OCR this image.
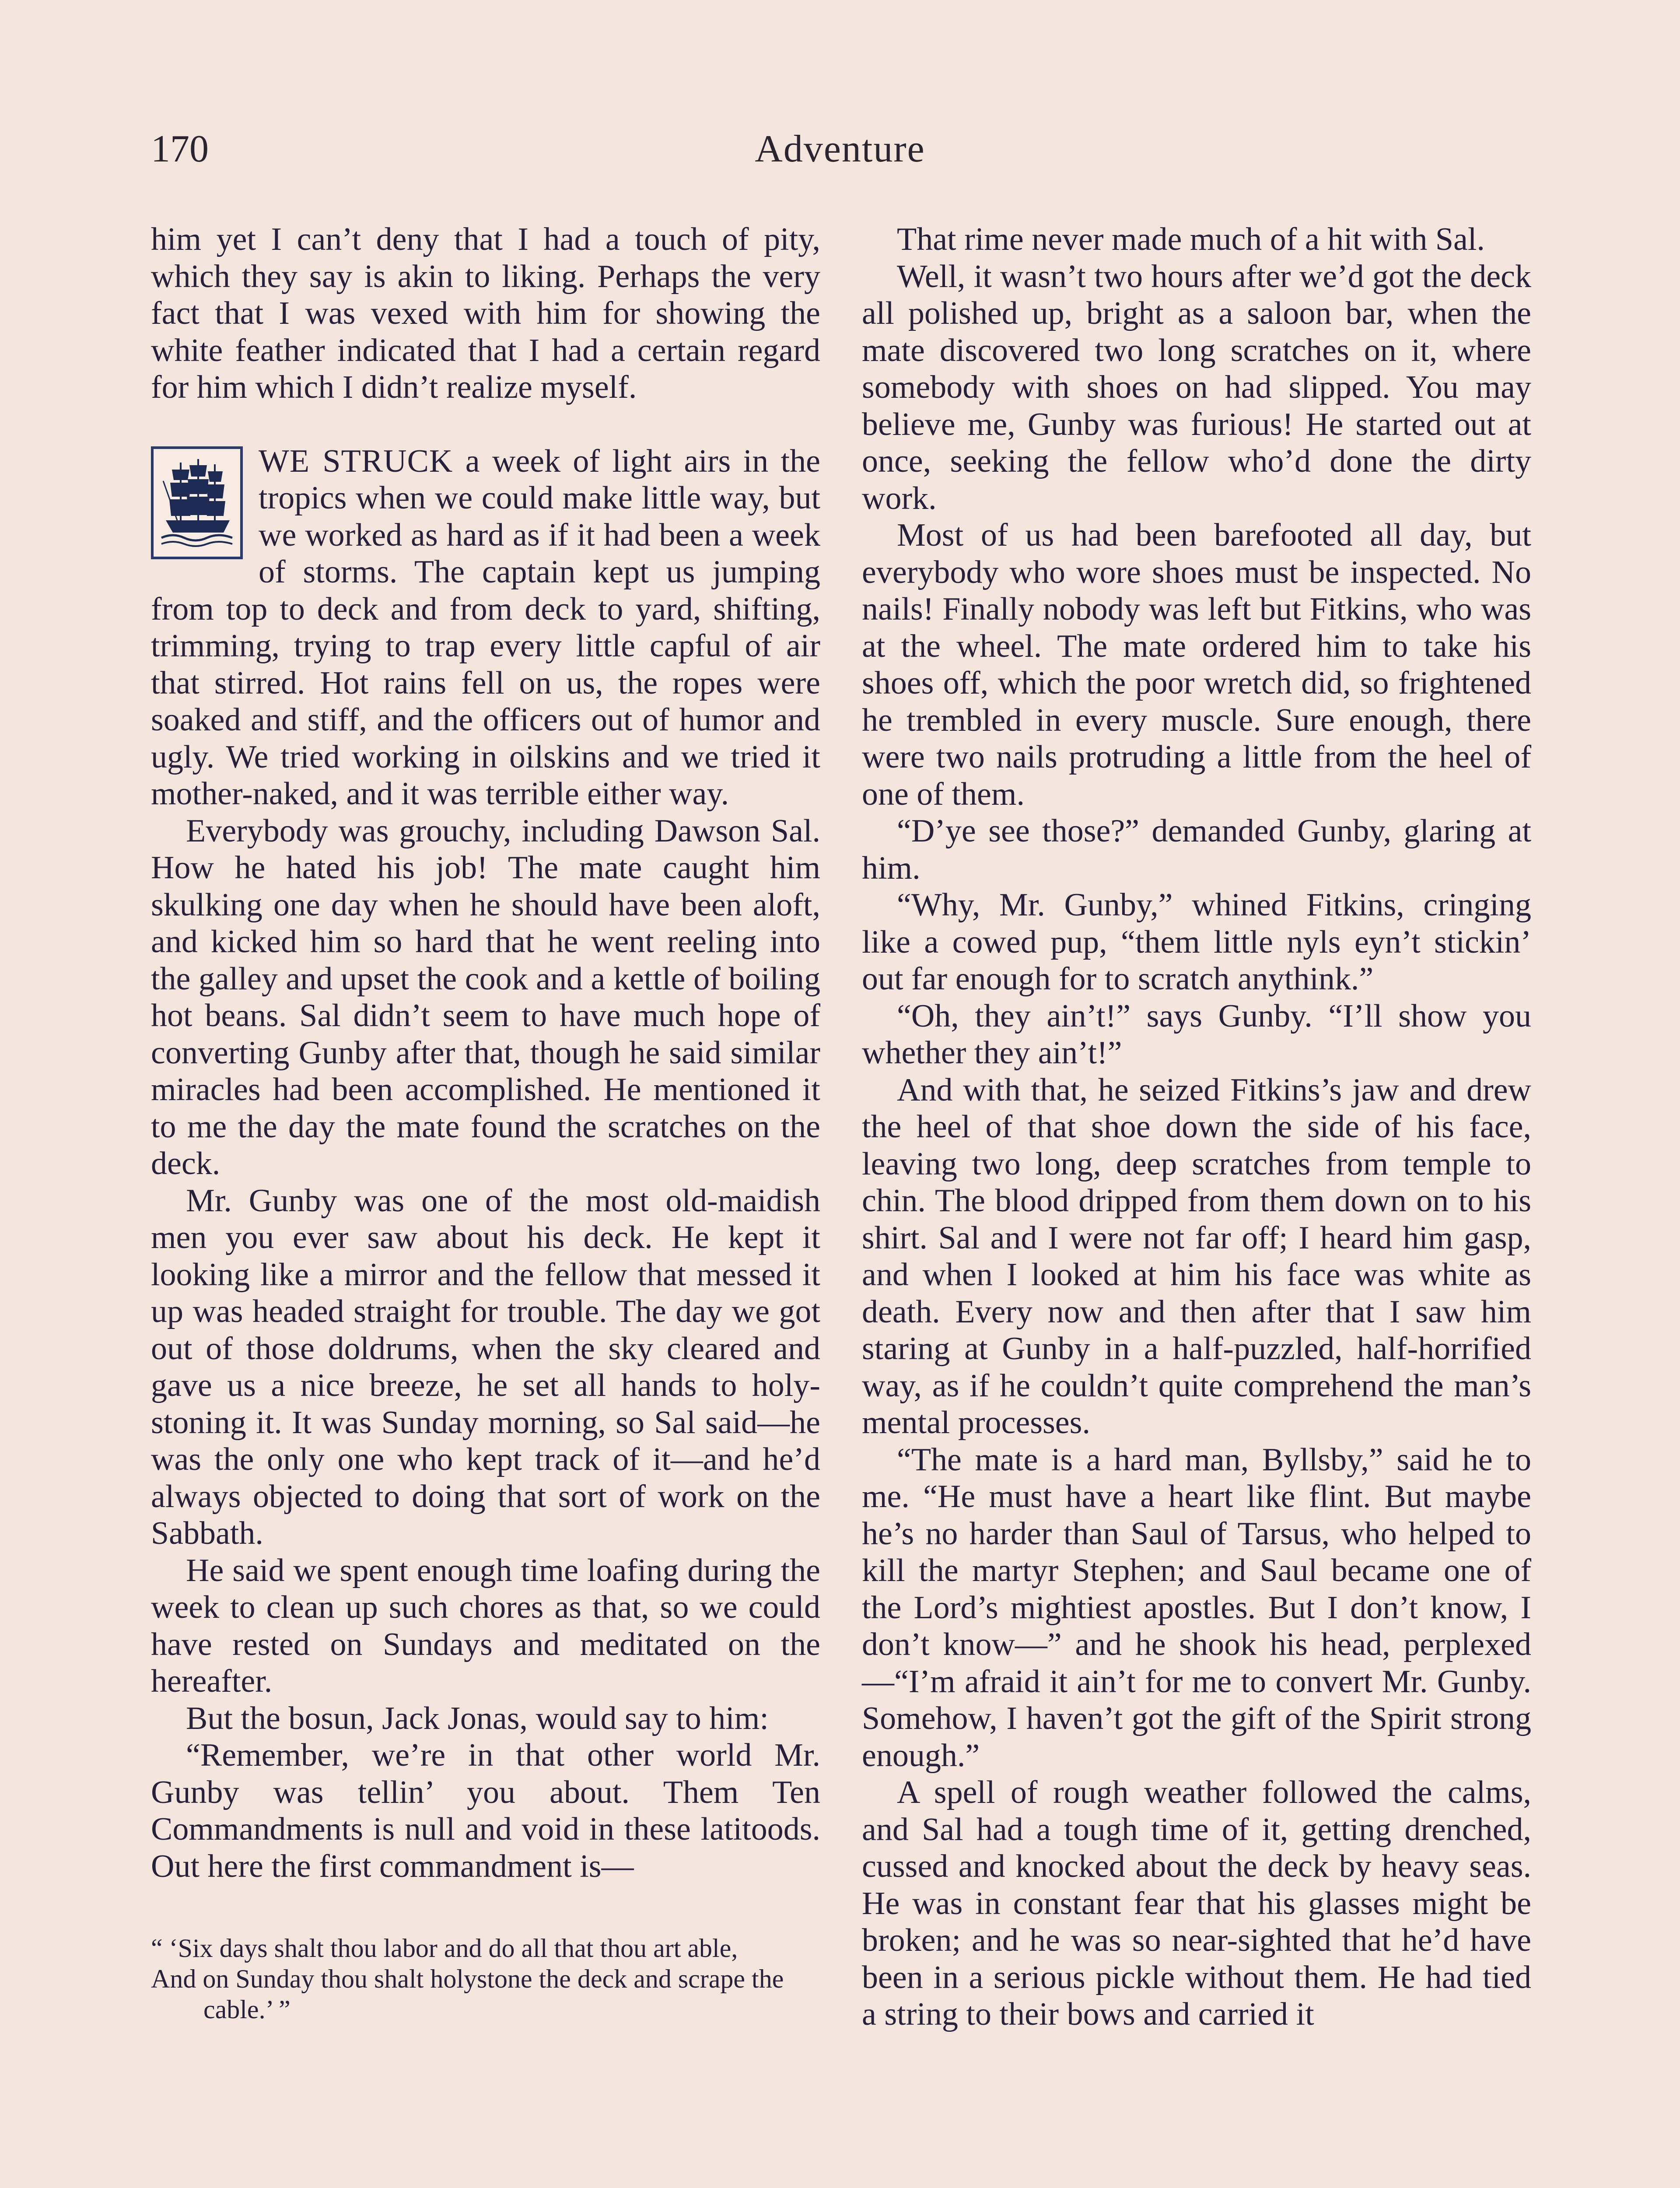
170	Adventure

him yet I can’t deny that I had a touch of pity, which they say is akin to liking. Perhaps the very fact that I was vexed with him for showing the white feather indicated that I had a certain regard for him which I didn’t realize myself.

WE STRUCK a week of light airs in the tropics when we could make little way, but we worked as hard as if it had been a week of storms. The captain kept us jumping from top to deck and from deck to yard, shifting, trimming, trying to trap every little capful of air that stirred. Hot rains fell on us, the ropes were soaked and stiff, and the officers out of humor and ugly. We tried working in oilskins and we tried it mother-naked, and it was terrible either way.

Everybody was grouchy, including Dawson Sal. How he hated his job! The mate caught him skulking one day when he should have been aloft, and kicked him so hard that he went reeling into the galley and upset the cook and a kettle of boiling hot beans. Sal didn’t seem to have much hope of converting Gunby after that, though he said similar miracles had been accomplished. He mentioned it to me the day the mate found the scratches on the deck.

Mr. Gunby was one of the most old-maidish men you ever saw about his deck. He kept it looking like a mirror and the fellow that messed it up was headed straight for trouble. The day we got out of those doldrums, when the sky cleared and gave us a nice breeze, he set all hands to holystoning it. It was Sunday morning, so Sal said—he was the only one who kept track of it—and he’d always objected to doing that sort of work on the Sabbath.

He said we spent enough time loafing during the week to clean up such chores as that, so we could have rested on Sundays and meditated on the hereafter.

But the bosun, Jack Jonas, would say to him:

“Remember, we’re in that other world Mr. Gunby was tellin’ you about. Them Ten Commandments is null and void in these latitoods. Out here the first commandment is—

“ ‘Six days shalt thou labor and do all that thou art able,
And on Sunday thou shalt holystone the deck and scrape the cable.’ ”

That rime never made much of a hit with Sal.

Well, it wasn’t two hours after we’d got the deck all polished up, bright as a saloon bar, when the mate discovered two long scratches on it, where somebody with shoes on had slipped. You may believe me, Gunby was furious! He started out at once, seeking the fellow who’d done the dirty work.

Most of us had been barefooted all day, but everybody who wore shoes must be inspected. No nails! Finally nobody was left but Fitkins, who was at the wheel. The mate ordered him to take his shoes off, which the poor wretch did, so frightened he trembled in every muscle. Sure enough, there were two nails protruding a little from the heel of one of them.

“D’ye see those?” demanded Gunby, glaring at him.

“Why, Mr. Gunby,” whined Fitkins, cringing like a cowed pup, “them little nyls eyn’t stickin’ out far enough for to scratch anythink.”

“Oh, they ain’t!” says Gunby. “I’ll show you whether they ain’t!”

And with that, he seized Fitkins’s jaw and drew the heel of that shoe down the side of his face, leaving two long, deep scratches from temple to chin. The blood dripped from them down on to his shirt. Sal and I were not far off; I heard him gasp, and when I looked at him his face was white as death. Every now and then after that I saw him staring at Gunby in a half-puzzled, half-horrified way, as if he couldn’t quite comprehend the man’s mental processes.

“The mate is a hard man, Byllsby,” said he to me. “He must have a heart like flint. But maybe he’s no harder than Saul of Tarsus, who helped to kill the martyr Stephen; and Saul became one of the Lord’s mightiest apostles. But I don’t know, I don’t know—” and he shook his head, perplexed—“I’m afraid it ain’t for me to convert Mr. Gunby. Somehow, I haven’t got the gift of the Spirit strong enough.”

A spell of rough weather followed the calms, and Sal had a tough time of it, getting drenched, cussed and knocked about the deck by heavy seas. He was in constant fear that his glasses might be broken; and he was so near-sighted that he’d have been in a serious pickle without them. He had tied a string to their bows and carried it
